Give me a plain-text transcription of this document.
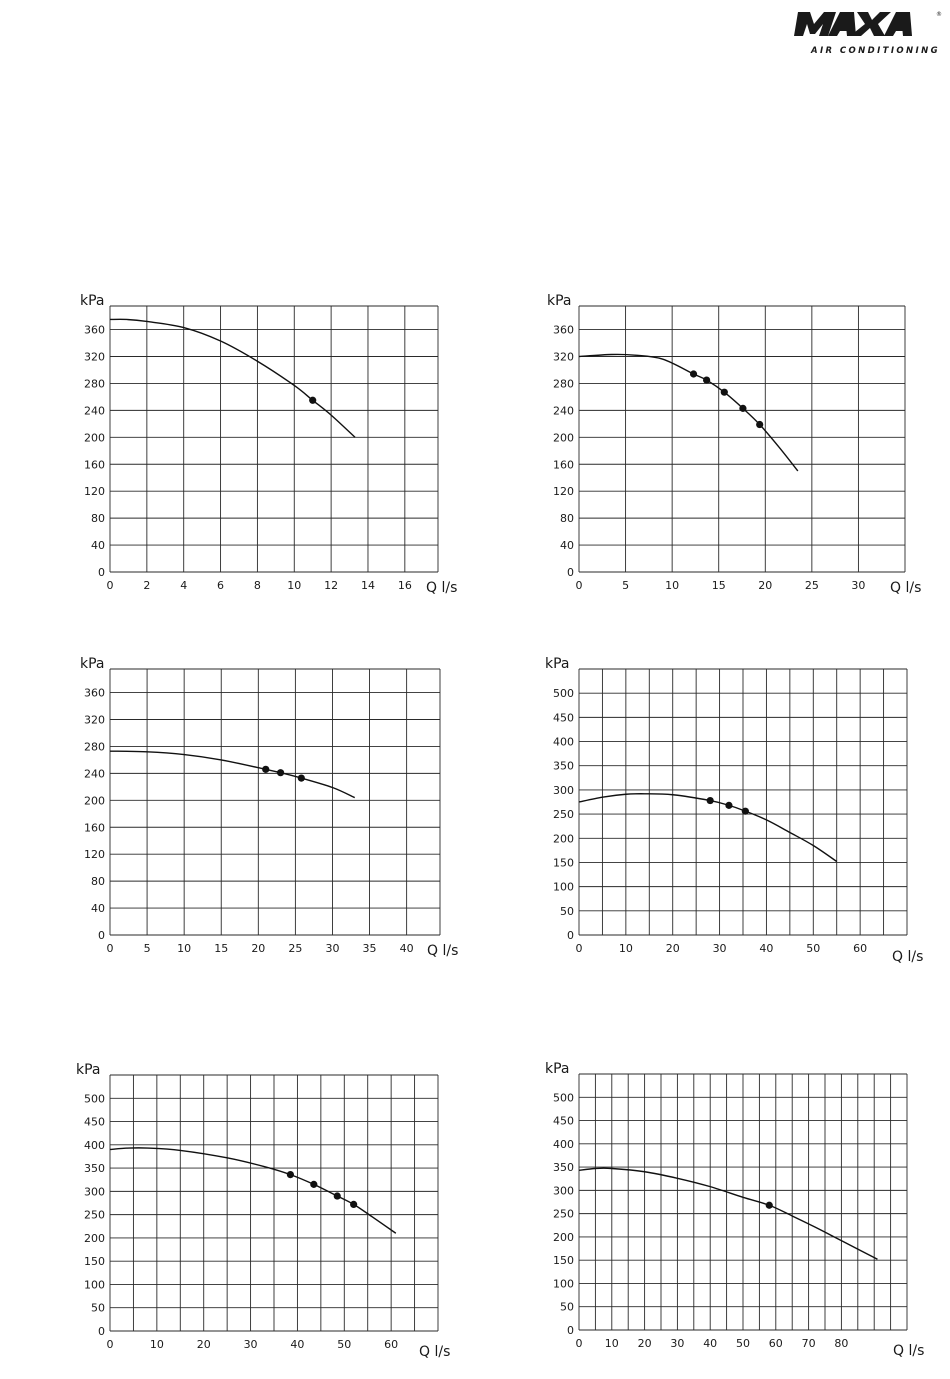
®
AIR CONDITIONING
0
40
80
120
160
200
240
280
320
360
0	2	4	6	8 10 12 14 16
kPa
Q l/s
0
40
80
120
160
200
240
280
320
360
0	5	10	15	20	25	30
kPa
Q l/s
0
40
80
120
160
200
240
280
320
360
0	5 10 15 20 25 30 35 40
kPa
Q l/s
0
50
100
150
200
250
300
350
400
450
500
0	10	20	30	40	50	60
kPa
Q l/s
0
50
100
150
200
250
300
350
400
450
500
0	10	20	30	40	50	60
kPa
Q l/s
0
50
100
150
200
250
300
350
400
450
500
0 10 20 30 40 50 60 70 80
kPa
Q l/s
